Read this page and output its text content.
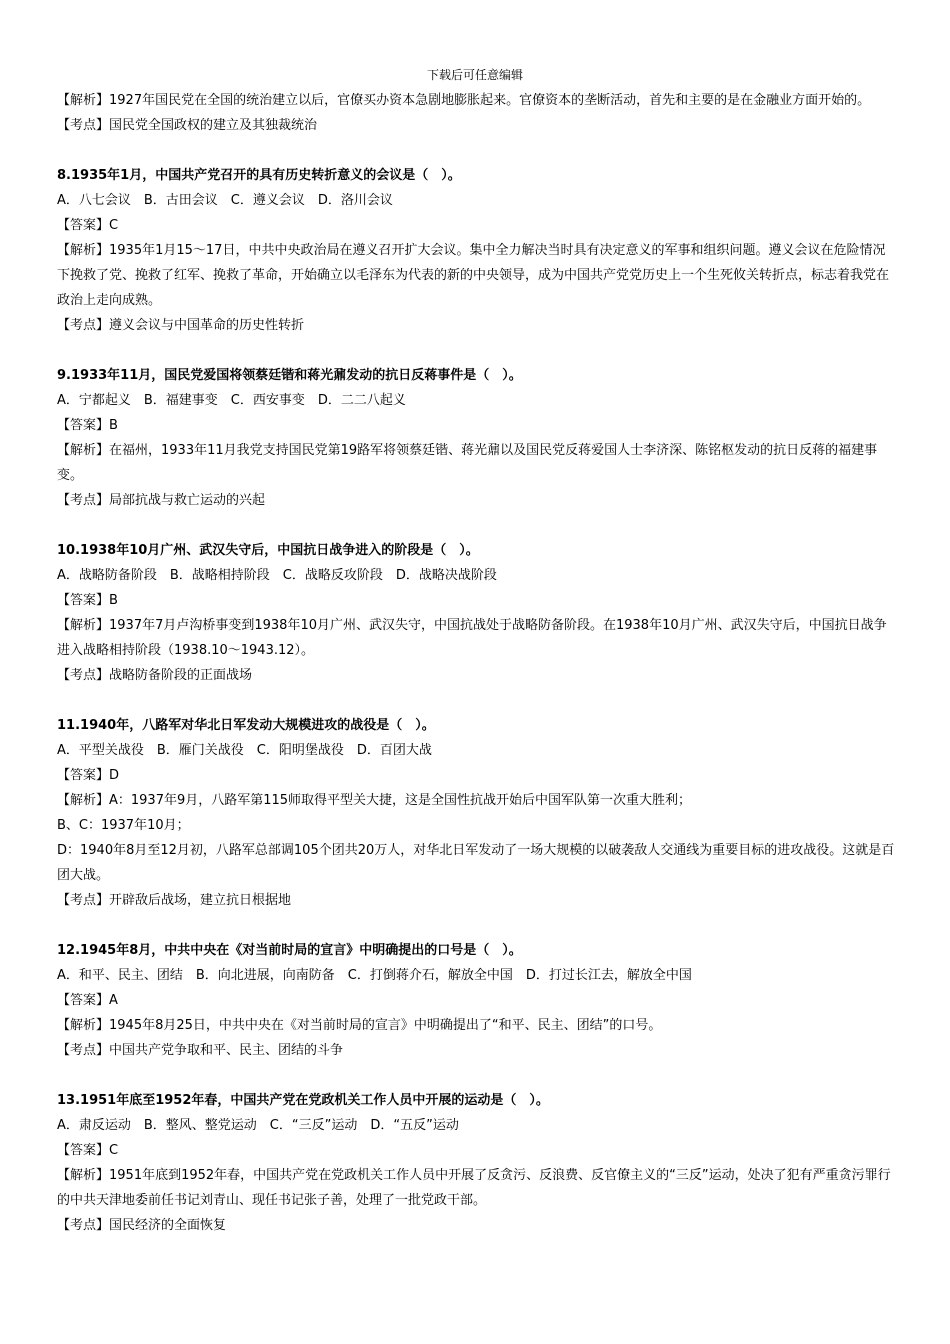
下载后可任意编辑
【解析】1927年国民党在全国的统治建立以后，官僚买办资本急剧地膨胀起来。官僚资本的垄断活动，首先和主要的是在金融业方面开始的。
【考点】国民党全国政权的建立及其独裁统治
8.1935年1月，中国共产党召开的具有历史转折意义的会议是（　）。
A．八七会议　B．古田会议　C．遵义会议　D．洛川会议
【答案】C
【解析】1935年1月15～17日，中共中央政治局在遵义召开扩大会议。集中全力解决当时具有决定意义的军事和组织问题。遵义会议在危险情况下挽救了党、挽救了红军、挽救了革命，开始确立以毛泽东为代表的新的中央领导，成为中国共产党党历史上一个生死攸关转折点，标志着我党在政治上走向成熟。
【考点】遵义会议与中国革命的历史性转折
9.1933年11月，国民党爱国将领蔡廷锴和蒋光鼐发动的抗日反蒋事件是（　）。
A．宁都起义　B．福建事变　C．西安事变　D．二二八起义
【答案】B
【解析】在福州，1933年11月我党支持国民党第19路军将领蔡廷锴、蒋光鼐以及国民党反蒋爱国人士李济深、陈铭枢发动的抗日反蒋的福建事变。
【考点】局部抗战与救亡运动的兴起
10.1938年10月广州、武汉失守后，中国抗日战争进入的阶段是（　）。
A．战略防备阶段　B．战略相持阶段　C．战略反攻阶段　D．战略决战阶段
【答案】B
【解析】1937年7月卢沟桥事变到1938年10月广州、武汉失守，中国抗战处于战略防备阶段。在1938年10月广州、武汉失守后，中国抗日战争进入战略相持阶段（1938.10～1943.12）。
【考点】战略防备阶段的正面战场
11.1940年，八路军对华北日军发动大规模进攻的战役是（　）。
A．平型关战役　B．雁门关战役　C．阳明堡战役　D．百团大战
【答案】D
【解析】A：1937年9月，八路军第115师取得平型关大捷，这是全国性抗战开始后中国军队第一次重大胜利；
B、C：1937年10月；
D：1940年8月至12月初，八路军总部调105个团共20万人，对华北日军发动了一场大规模的以破袭敌人交通线为重要目标的进攻战役。这就是百团大战。
【考点】开辟敌后战场，建立抗日根据地
12.1945年8月，中共中央在《对当前时局的宣言》中明确提出的口号是（　）。
A．和平、民主、团结　B．向北进展，向南防备　C．打倒蒋介石，解放全中国　D．打过长江去，解放全中国
【答案】A
【解析】1945年8月25日，中共中央在《对当前时局的宣言》中明确提出了“和平、民主、团结”的口号。
【考点】中国共产党争取和平、民主、团结的斗争
13.1951年底至1952年春，中国共产党在党政机关工作人员中开展的运动是（　）。
A．肃反运动　B．整风、整党运动　C．“三反”运动　D．“五反”运动
【答案】C
【解析】1951年底到1952年春，中国共产党在党政机关工作人员中开展了反贪污、反浪费、反官僚主义的“三反”运动，处决了犯有严重贪污罪行的中共天津地委前任书记刘青山、现任书记张子善，处理了一批党政干部。
【考点】国民经济的全面恢复
